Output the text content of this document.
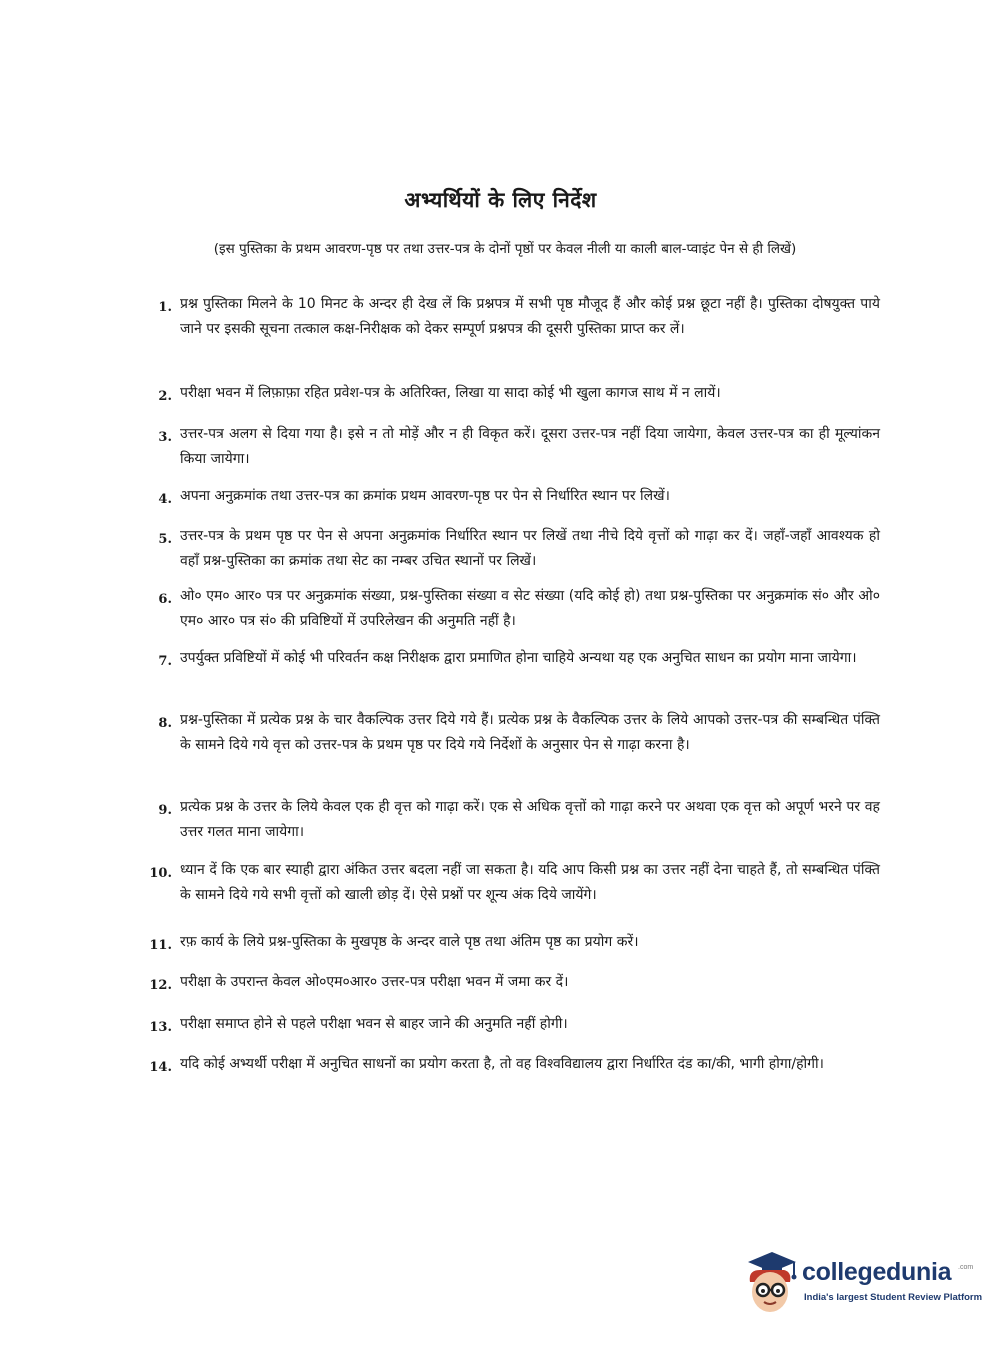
अभ्यर्थियों के लिए निर्देश
(इस पुस्तिका के प्रथम आवरण-पृष्ठ पर तथा उत्तर-पत्र के दोनों पृष्ठों पर केवल नीली या काली बाल-प्वाइंट पेन से ही लिखें)
1. प्रश्न पुस्तिका मिलने के 10 मिनट के अन्दर ही देख लें कि प्रश्नपत्र में सभी पृष्ठ मौजूद हैं और कोई प्रश्न छूटा नहीं है। पुस्तिका दोषयुक्त पाये जाने पर इसकी सूचना तत्काल कक्ष-निरीक्षक को देकर सम्पूर्ण प्रश्नपत्र की दूसरी पुस्तिका प्राप्त कर लें।
2. परीक्षा भवन में लिफ़ाफ़ा रहित प्रवेश-पत्र के अतिरिक्त, लिखा या सादा कोई भी खुला कागज साथ में न लायें।
3. उत्तर-पत्र अलग से दिया गया है। इसे न तो मोड़ें और न ही विकृत करें। दूसरा उत्तर-पत्र नहीं दिया जायेगा, केवल उत्तर-पत्र का ही मूल्यांकन किया जायेगा।
4. अपना अनुक्रमांक तथा उत्तर-पत्र का क्रमांक प्रथम आवरण-पृष्ठ पर पेन से निर्धारित स्थान पर लिखें।
5. उत्तर-पत्र के प्रथम पृष्ठ पर पेन से अपना अनुक्रमांक निर्धारित स्थान पर लिखें तथा नीचे दिये वृत्तों को गाढ़ा कर दें। जहाँ-जहाँ आवश्यक हो वहाँ प्रश्न-पुस्तिका का क्रमांक तथा सेट का नम्बर उचित स्थानों पर लिखें।
6. ओ० एम० आर० पत्र पर अनुक्रमांक संख्या, प्रश्न-पुस्तिका संख्या व सेट संख्या (यदि कोई हो) तथा प्रश्न-पुस्तिका पर अनुक्रमांक सं० और ओ० एम० आर० पत्र सं० की प्रविष्टियों में उपरिलेखन की अनुमति नहीं है।
7. उपर्युक्त प्रविष्टियों में कोई भी परिवर्तन कक्ष निरीक्षक द्वारा प्रमाणित होना चाहिये अन्यथा यह एक अनुचित साधन का प्रयोग माना जायेगा।
8. प्रश्न-पुस्तिका में प्रत्येक प्रश्न के चार वैकल्पिक उत्तर दिये गये हैं। प्रत्येक प्रश्न के वैकल्पिक उत्तर के लिये आपको उत्तर-पत्र की सम्बन्धित पंक्ति के सामने दिये गये वृत्त को उत्तर-पत्र के प्रथम पृष्ठ पर दिये गये निर्देशों के अनुसार पेन से गाढ़ा करना है।
9. प्रत्येक प्रश्न के उत्तर के लिये केवल एक ही वृत्त को गाढ़ा करें। एक से अधिक वृत्तों को गाढ़ा करने पर अथवा एक वृत्त को अपूर्ण भरने पर वह उत्तर गलत माना जायेगा।
10. ध्यान दें कि एक बार स्याही द्वारा अंकित उत्तर बदला नहीं जा सकता है। यदि आप किसी प्रश्न का उत्तर नहीं देना चाहते हैं, तो सम्बन्धित पंक्ति के सामने दिये गये सभी वृत्तों को खाली छोड़ दें। ऐसे प्रश्नों पर शून्य अंक दिये जायेंगे।
11. रफ़ कार्य के लिये प्रश्न-पुस्तिका के मुखपृष्ठ के अन्दर वाले पृष्ठ तथा अंतिम पृष्ठ का प्रयोग करें।
12. परीक्षा के उपरान्त केवल ओ०एम०आर० उत्तर-पत्र परीक्षा भवन में जमा कर दें।
13. परीक्षा समाप्त होने से पहले परीक्षा भवन से बाहर जाने की अनुमति नहीं होगी।
14. यदि कोई अभ्यर्थी परीक्षा में अनुचित साधनों का प्रयोग करता है, तो वह विश्वविद्यालय द्वारा निर्धारित दंड का/की, भागी होगा/होगी।
collegedunia .com
India's largest Student Review Platform
